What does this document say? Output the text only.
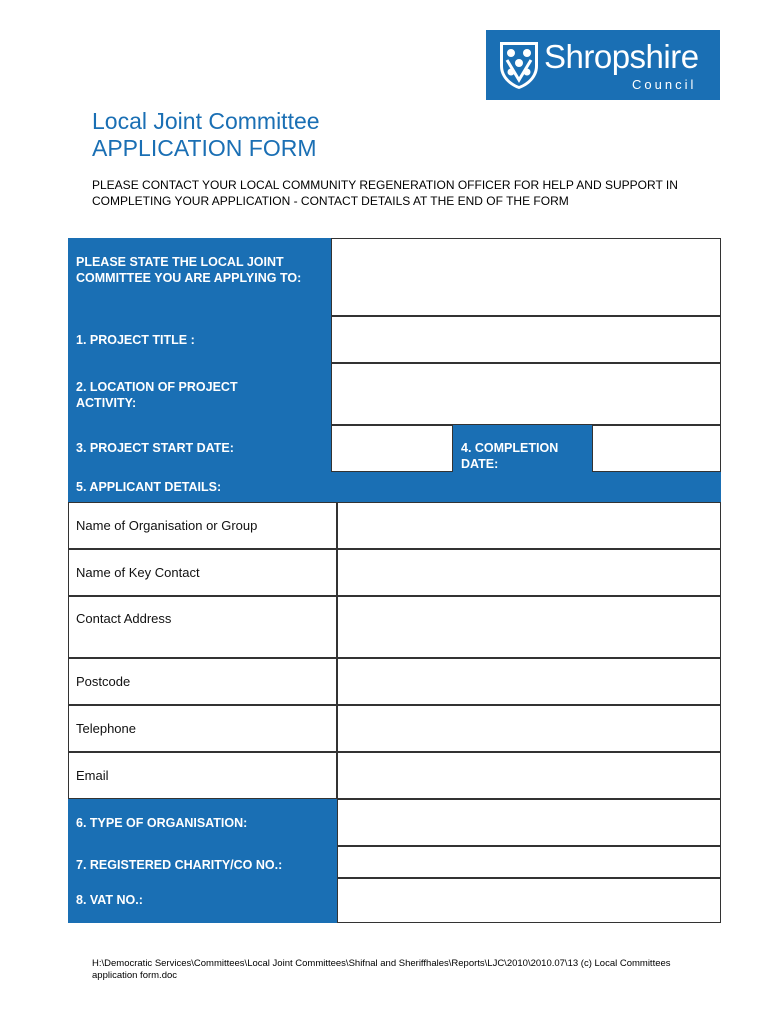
Shropshire
Council
Local Joint Committee
APPLICATION FORM
PLEASE CONTACT YOUR LOCAL COMMUNITY REGENERATION OFFICER FOR HELP AND SUPPORT IN COMPLETING YOUR APPLICATION - CONTACT DETAILS AT THE END OF THE FORM
PLEASE STATE THE LOCAL JOINT COMMITTEE YOU ARE APPLYING TO:
1. PROJECT TITLE :
2. LOCATION OF PROJECT ACTIVITY:
3. PROJECT START DATE:	4. COMPLETION DATE:
5. APPLICANT DETAILS:
Name of Organisation or Group
Name of Key Contact
Contact Address
Postcode
Telephone
Email
6. TYPE OF ORGANISATION:
7. REGISTERED CHARITY/CO NO.:
8. VAT NO.:
H:\Democratic Services\Committees\Local Joint Committees\Shifnal and Sheriffhales\Reports\LJC\2010\2010.07\13 (c) Local Committees application form.doc
